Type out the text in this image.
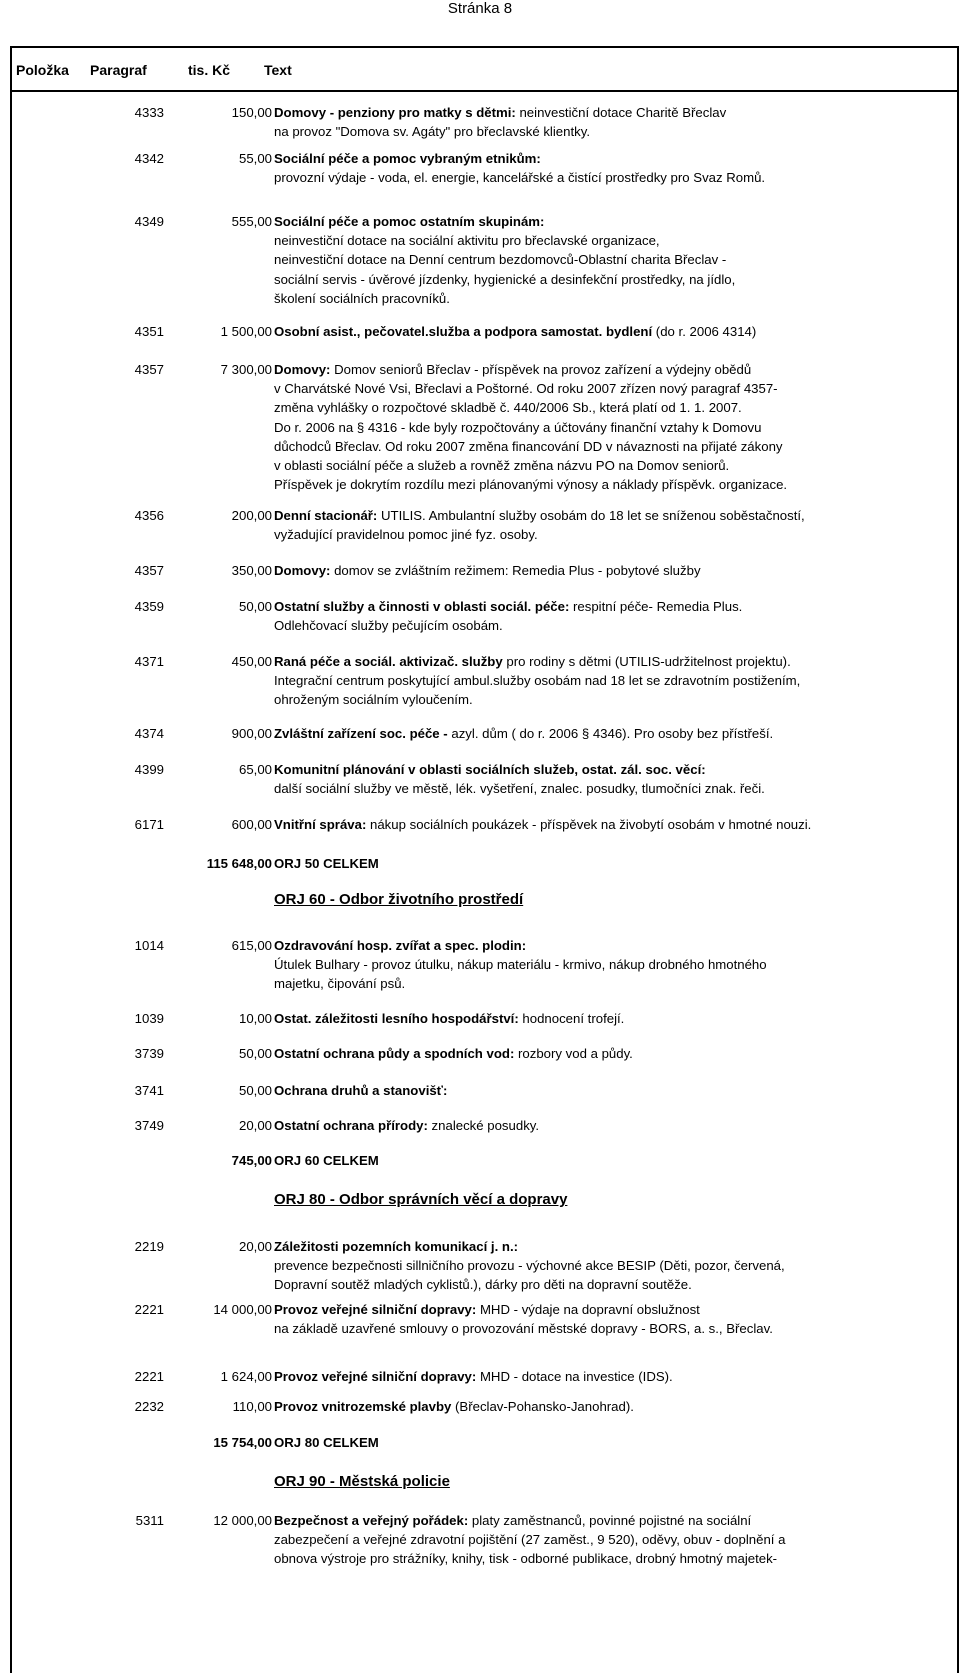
Stránka 8
Položka Paragraf	tis. Kč Text
4333	150,00 Domovy - penziony pro matky s dětmi: neinvestiční dotace Charitě Břeclav
na provoz "Domova sv. Agáty" pro břeclavské klientky.
4342	55,00 Sociální péče a pomoc vybraným etnikům:
provozní výdaje - voda, el. energie, kancelářské a čistící prostředky pro Svaz Romů.
4349	555,00 Sociální péče a pomoc ostatním skupinám:
neinvestiční dotace na sociální aktivitu pro břeclavské organizace,
neinvestiční dotace na Denní centrum bezdomovců-Oblastní charita Břeclav -
sociální servis - úvěrové jízdenky, hygienické a desinfekční prostředky, na jídlo,
školení sociálních pracovníků.
4351	1 500,00 Osobní asist., pečovatel.služba a podpora samostat. bydlení (do r. 2006 4314)
4357	7 300,00 Domovy: Domov seniorů Břeclav - příspěvek na provoz zařízení a výdejny obědů
v Charvátské Nové Vsi, Břeclavi a Poštorné. Od roku 2007 zřízen nový paragraf 4357-
změna vyhlášky o rozpočtové skladbě č. 440/2006 Sb., která platí od 1. 1. 2007.
Do r. 2006 na § 4316 - kde byly rozpočtovány a účtovány finanční vztahy k Domovu
důchodců Břeclav. Od roku 2007 změna financování DD v návaznosti na přijaté zákony
v oblasti sociální péče a služeb a rovněž změna názvu PO na Domov seniorů.
Příspěvek je dokrytím rozdílu mezi plánovanými výnosy a náklady příspěvk. organizace.
4356	200,00 Denní stacionář: UTILIS. Ambulantní služby osobám do 18 let se sníženou soběstačností,
vyžadující pravidelnou pomoc jiné fyz. osoby.
4357	350,00 Domovy: domov se zvláštním režimem: Remedia Plus - pobytové služby
4359	50,00 Ostatní služby a činnosti v oblasti sociál. péče: respitní péče- Remedia Plus.
Odlehčovací služby pečujícím osobám.
4371	450,00 Raná péče a sociál. aktivizač. služby pro rodiny s dětmi (UTILIS-udržitelnost projektu).
Integrační centrum poskytující ambul.služby osobám nad 18 let se zdravotním postižením,
ohroženým sociálním vyloučením.
4374	900,00 Zvláštní zařízení soc. péče - azyl. dům ( do r. 2006 § 4346). Pro osoby bez přístřeší.
4399	65,00 Komunitní plánování v oblasti sociálních služeb, ostat. zál. soc. věcí:
další sociální služby ve městě, lék. vyšetření, znalec. posudky, tlumočníci znak. řeči.
6171	600,00 Vnitřní správa: nákup sociálních poukázek - příspěvek na živobytí osobám v hmotné nouzi.
115 648,00 ORJ 50 CELKEM
ORJ 60 - Odbor životního prostředí
1014	615,00 Ozdravování hosp. zvířat a spec. plodin:
Útulek Bulhary - provoz útulku, nákup materiálu - krmivo, nákup drobného hmotného
majetku, čipování psů.
1039	10,00 Ostat. záležitosti lesního hospodářství: hodnocení trofejí.
3739	50,00 Ostatní ochrana půdy a spodních vod: rozbory vod a půdy.
3741	50,00 Ochrana druhů a stanovišť:
3749	20,00 Ostatní ochrana přírody: znalecké posudky.
745,00 ORJ 60 CELKEM
ORJ 80 - Odbor správních věcí a dopravy
2219	20,00 Záležitosti pozemních komunikací j. n.:
prevence bezpečnosti sillničního provozu - výchovné akce BESIP (Děti, pozor, červená,
Dopravní soutěž mladých cyklistů.), dárky pro děti na dopravní soutěže.
2221	14 000,00 Provoz veřejné silniční dopravy: MHD - výdaje na dopravní obslužnost
na základě uzavřené smlouvy o provozování městské dopravy - BORS, a. s., Břeclav.
2221	1 624,00 Provoz veřejné silniční dopravy: MHD - dotace na investice (IDS).
2232	110,00 Provoz vnitrozemské plavby (Břeclav-Pohansko-Janohrad).
15 754,00 ORJ 80 CELKEM
ORJ 90 - Městská policie
5311	12 000,00 Bezpečnost a veřejný pořádek: platy zaměstnanců, povinné pojistné na sociální
zabezpečení a veřejné zdravotní pojištění (27 zaměst., 9 520), oděvy, obuv - doplnění a
obnova výstroje pro strážníky, knihy, tisk - odborné publikace, drobný hmotný majetek-
